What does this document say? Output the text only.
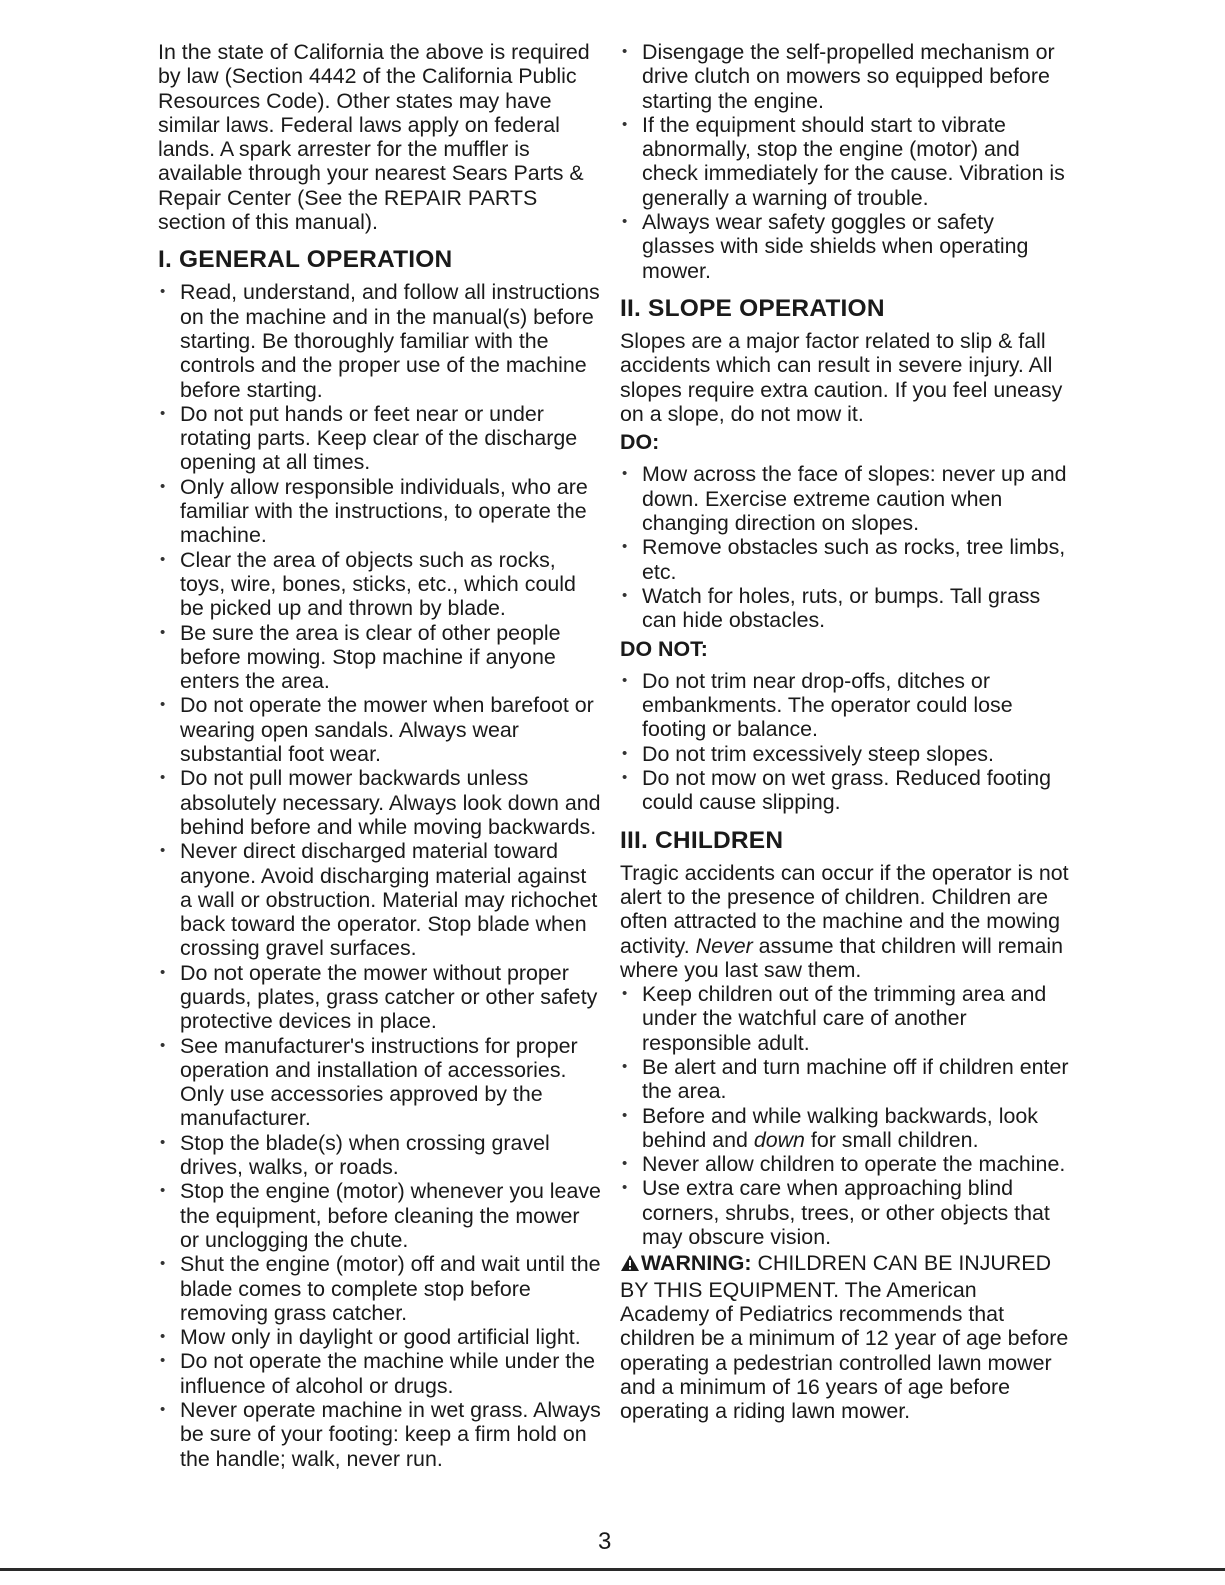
In the state of California the above is required by law (Section 4442 of the California Public Resources Code). Other states may have similar laws. Federal laws apply on federal lands. A spark arrester for the muffler is available through your nearest Sears Parts & Repair Center (See the REPAIR PARTS section of this manual).

I. GENERAL OPERATION
• Read, understand, and follow all instructions on the machine and in the manual(s) before starting. Be thoroughly familiar with the controls and the proper use of the machine before starting.
• Do not put hands or feet near or under rotating parts. Keep clear of the discharge opening at all times.
• Only allow responsible individuals, who are familiar with the instructions, to operate the machine.
• Clear the area of objects such as rocks, toys, wire, bones, sticks, etc., which could be picked up and thrown by blade.
• Be sure the area is clear of other people before mowing. Stop machine if anyone enters the area.
• Do not operate the mower when barefoot or wearing open sandals. Always wear substantial foot wear.
• Do not pull mower backwards unless absolutely necessary. Always look down and behind before and while moving backwards.
• Never direct discharged material toward anyone. Avoid discharging material against a wall or obstruction. Material may richochet back toward the operator. Stop blade when crossing gravel surfaces.
• Do not operate the mower without proper guards, plates, grass catcher or other safety protective devices in place.
• See manufacturer's instructions for proper operation and installation of accessories. Only use accessories approved by the manufacturer.
• Stop the blade(s) when crossing gravel drives, walks, or roads.
• Stop the engine (motor) whenever you leave the equipment, before cleaning the mower or unclogging the chute.
• Shut the engine (motor) off and wait until the blade comes to complete stop before removing grass catcher.
• Mow only in daylight or good artificial light.
• Do not operate the machine while under the influence of alcohol or drugs.
• Never operate machine in wet grass. Always be sure of your footing: keep a firm hold on the handle; walk, never run.
• Disengage the self-propelled mechanism or drive clutch on mowers so equipped before starting the engine.
• If the equipment should start to vibrate abnormally, stop the engine (motor) and check immediately for the cause. Vibration is generally a warning of trouble.
• Always wear safety goggles or safety glasses with side shields when operating mower.
II. SLOPE OPERATION

Slopes are a major factor related to slip & fall accidents which can result in severe injury. All slopes require extra caution. If you feel uneasy on a slope, do not mow it.

DO:
• Mow across the face of slopes: never up and down. Exercise extreme caution when changing direction on slopes.
• Remove obstacles such as rocks, tree limbs, etc.
• Watch for holes, ruts, or bumps. Tall grass can hide obstacles.
DO NOT:
• Do not trim near drop-offs, ditches or embankments. The operator could lose footing or balance.
• Do not trim excessively steep slopes.
• Do not mow on wet grass. Reduced footing could cause slipping.
III. CHILDREN

Tragic accidents can occur if the operator is not alert to the presence of children. Children are often attracted to the machine and the mowing activity. Never assume that children will remain where you last saw them.

• Keep children out of the trimming area and under the watchful care of another responsible adult.
• Be alert and turn machine off if children enter the area.
• Before and while walking backwards, look behind and down for small children.
• Never allow children to operate the machine.
• Use extra care when approaching blind corners, shrubs, trees, or other objects that may obscure vision.

WARNING: CHILDREN CAN BE INJURED BY THIS EQUIPMENT. The American Academy of Pediatrics recommends that children be a minimum of 12 year of age before operating a pedestrian controlled lawn mower and a minimum of 16 years of age before operating a riding lawn mower.

3
